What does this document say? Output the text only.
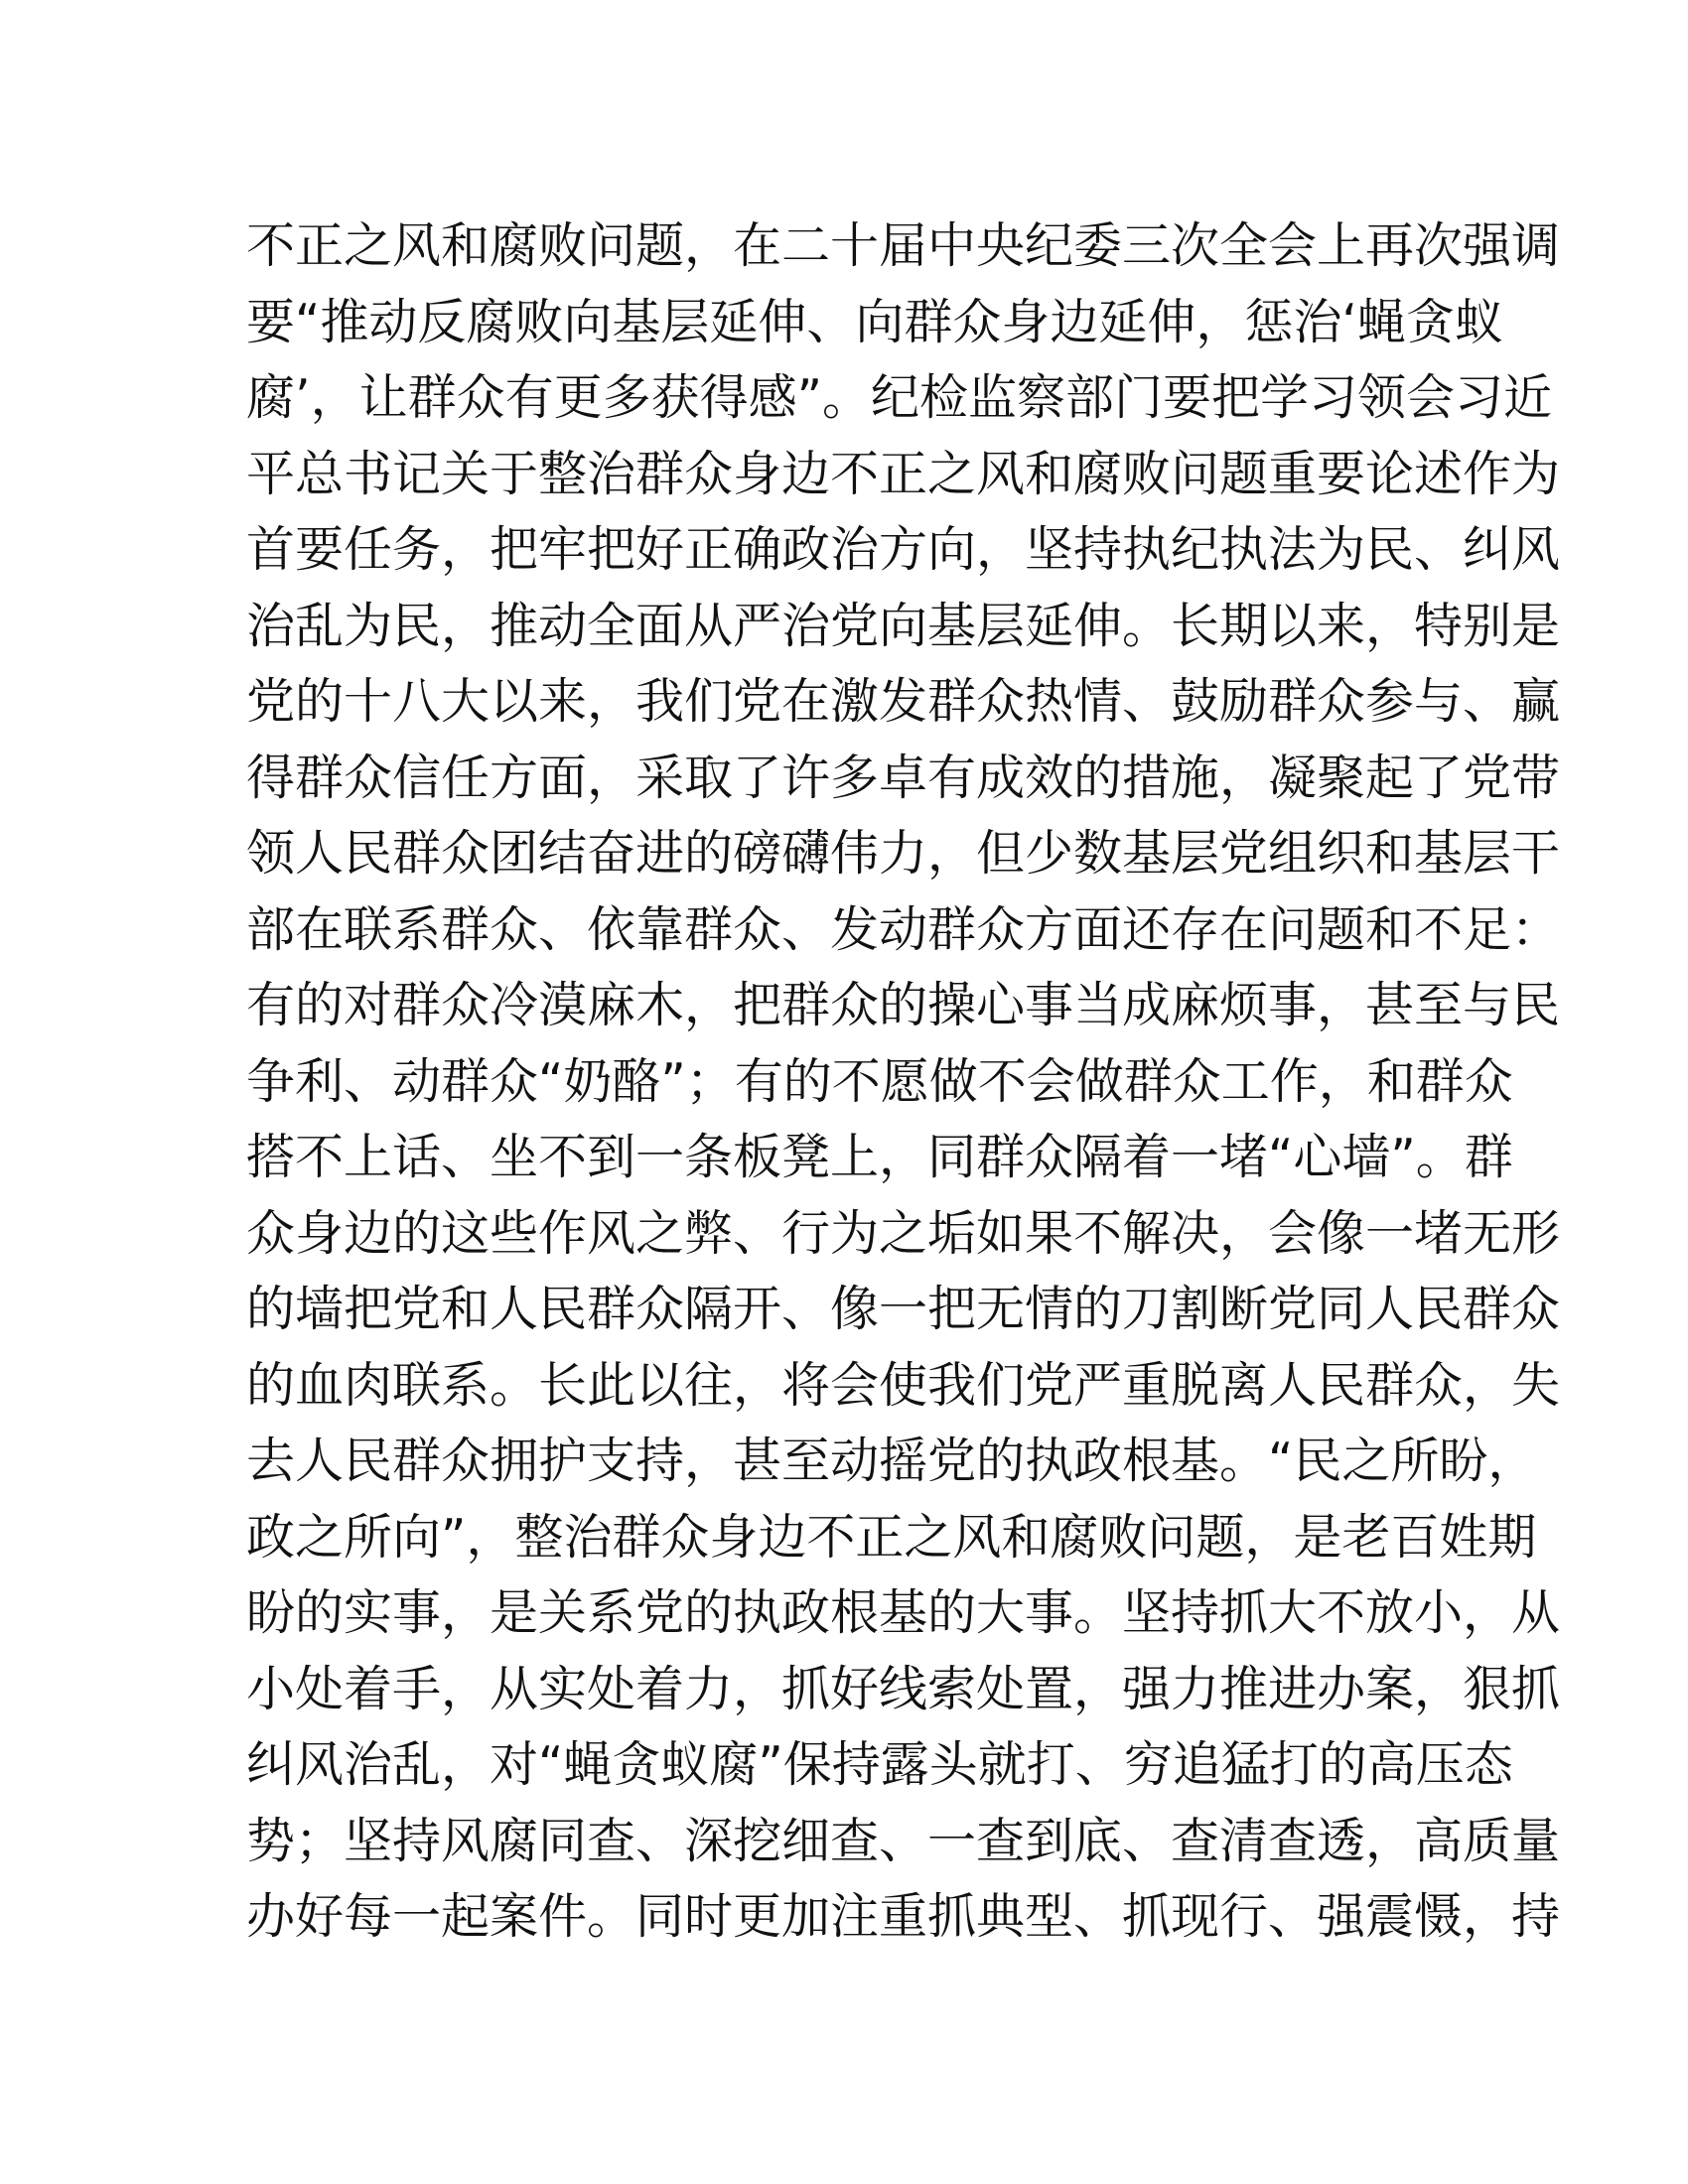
不正之风和腐败问题，在二十届中央纪委三次全会上再次强调
要“推动反腐败向基层延伸、向群众身边延伸，惩治‘蝇贪蚁
腐’，让群众有更多获得感”。纪检监察部门要把学习领会习近
平总书记关于整治群众身边不正之风和腐败问题重要论述作为
首要任务，把牢把好正确政治方向，坚持执纪执法为民、纠风
治乱为民，推动全面从严治党向基层延伸。长期以来，特别是
党的十八大以来，我们党在激发群众热情、鼓励群众参与、赢
得群众信任方面，采取了许多卓有成效的措施，凝聚起了党带
领人民群众团结奋进的磅礴伟力，但少数基层党组织和基层干
部在联系群众、依靠群众、发动群众方面还存在问题和不足：
有的对群众冷漠麻木，把群众的操心事当成麻烦事，甚至与民
争利、动群众“奶酪”；有的不愿做不会做群众工作，和群众
搭不上话、坐不到一条板凳上，同群众隔着一堵“心墙”。群
众身边的这些作风之弊、行为之垢如果不解决，会像一堵无形
的墙把党和人民群众隔开、像一把无情的刀割断党同人民群众
的血肉联系。长此以往，将会使我们党严重脱离人民群众，失
去人民群众拥护支持，甚至动摇党的执政根基。“民之所盼，
政之所向”，整治群众身边不正之风和腐败问题，是老百姓期
盼的实事，是关系党的执政根基的大事。坚持抓大不放小，从
小处着手，从实处着力，抓好线索处置，强力推进办案，狠抓
纠风治乱，对“蝇贪蚁腐”保持露头就打、穷追猛打的高压态
势；坚持风腐同查、深挖细查、一查到底、查清查透，高质量
办好每一起案件。同时更加注重抓典型、抓现行、强震慑，持
